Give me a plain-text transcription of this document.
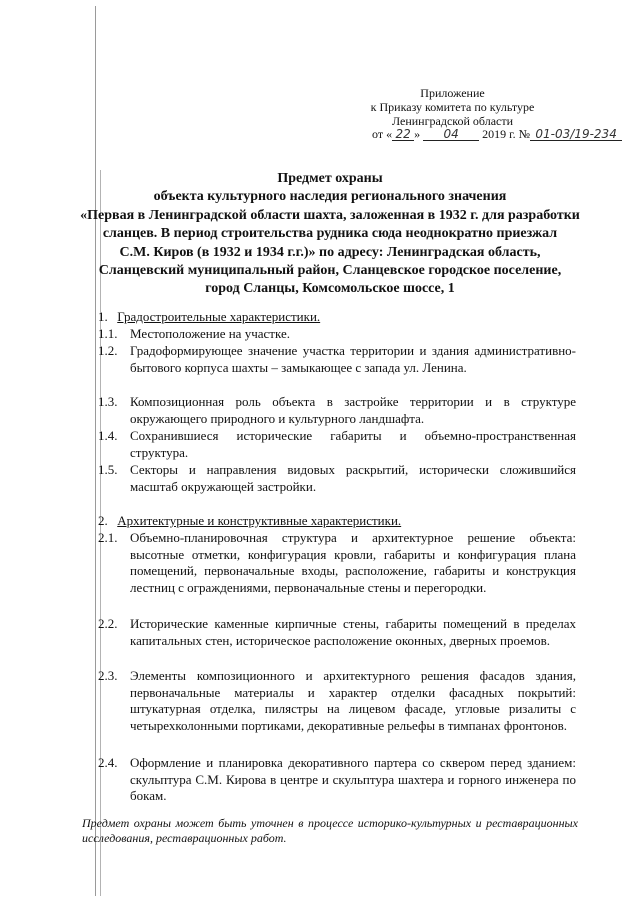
Приложение
к Приказу комитета по культуре
Ленинградской области
от « 22 » 04 2019 г. № 01-03/19-234
Предмет охраны
объекта культурного наследия регионального значения
«Первая в Ленинградской области шахта, заложенная в 1932 г. для разработки
сланцев. В период строительства рудника сюда неоднократно приезжал
С.М. Киров (в 1932 и 1934 г.г.)» по адресу: Ленинградская область,
Сланцевский муниципальный район, Сланцевское городское поселение,
город Сланцы, Комсомольское шоссе, 1
1. Градостроительные характеристики.
1.1. Местоположение на участке.
1.2. Градоформирующее значение участка территории и здания административно-бытового корпуса шахты – замыкающее с запада ул. Ленина.
1.3. Композиционная роль объекта в застройке территории и в структуре окружающего природного и культурного ландшафта.
1.4. Сохранившиеся исторические габариты и объемно-пространственная структура.
1.5. Секторы и направления видовых раскрытий, исторически сложившийся масштаб окружающей застройки.
2. Архитектурные и конструктивные характеристики.
2.1. Объемно-планировочная структура и архитектурное решение объекта: высотные отметки, конфигурация кровли, габариты и конфигурация плана помещений, первоначальные входы, расположение, габариты и конструкция лестниц с ограждениями, первоначальные стены и перегородки.
2.2. Исторические каменные кирпичные стены, габариты помещений в пределах капитальных стен, историческое расположение оконных, дверных проемов.
2.3. Элементы композиционного и архитектурного решения фасадов здания, первоначальные материалы и характер отделки фасадных покрытий: штукатурная отделка, пилястры на лицевом фасаде, угловые ризалиты с четырехколонными портиками, декоративные рельефы в тимпанах фронтонов.
2.4. Оформление и планировка декоративного партера со сквером перед зданием: скульптура С.М. Кирова в центре и скульптура шахтера и горного инженера по бокам.
Предмет охраны может быть уточнен в процессе историко-культурных и реставрационных исследования, реставрационных работ.
